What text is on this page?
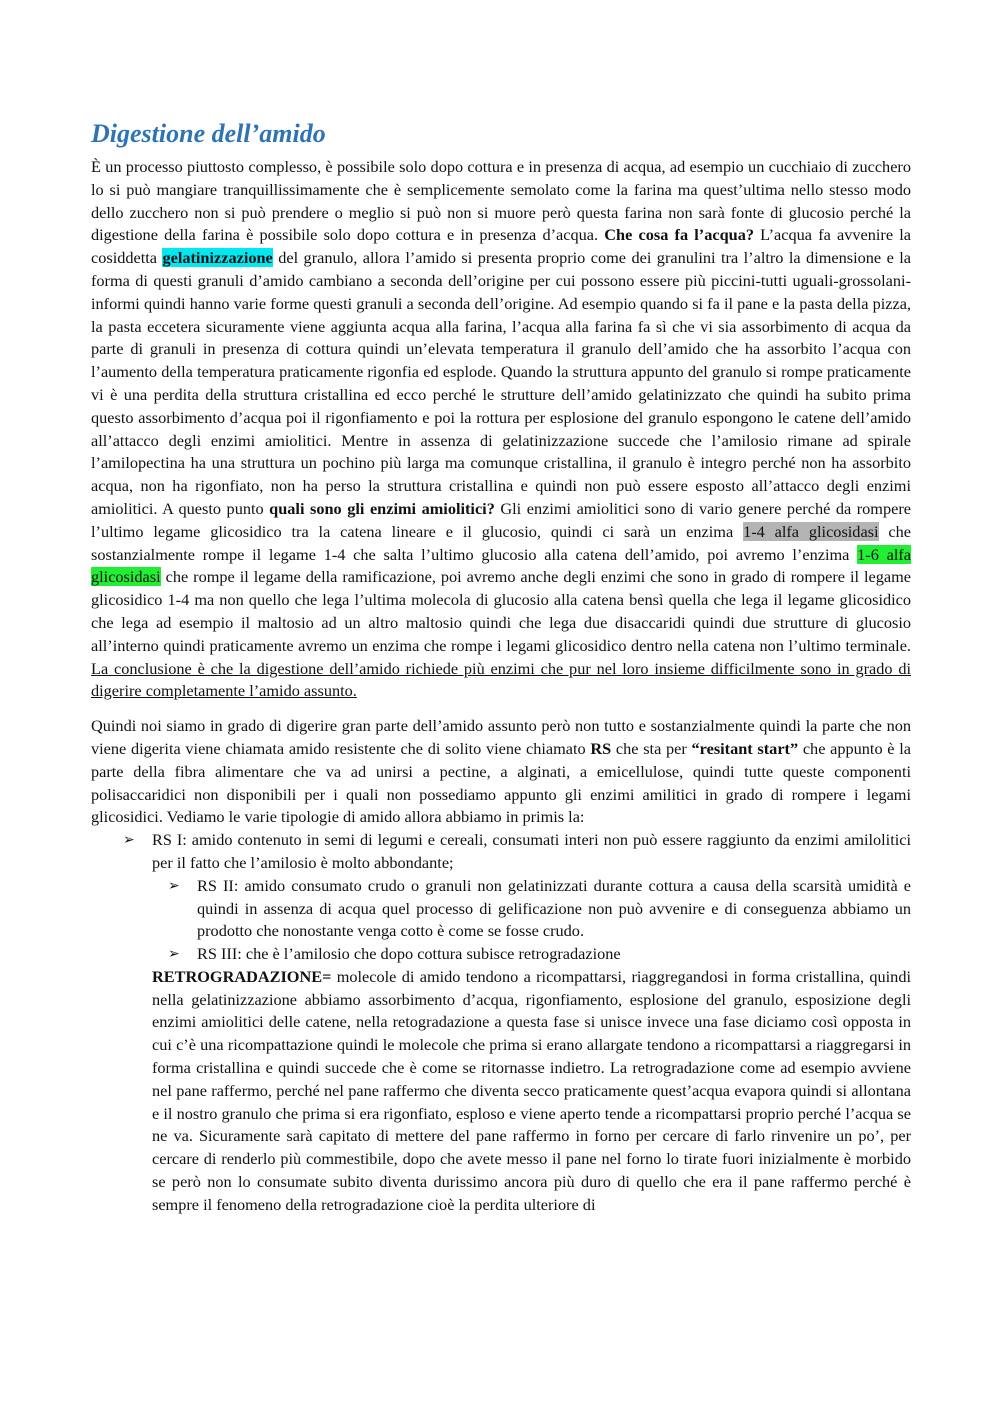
Digestione dell’amido

È un processo piuttosto complesso, è possibile solo dopo cottura e in presenza di acqua, ad esempio un cucchiaio di zucchero lo si può mangiare tranquillissimamente che è semplicemente semolato come la farina ma quest’ultima nello stesso modo dello zucchero non si può prendere o meglio si può non si muore però questa farina non sarà fonte di glucosio perché la digestione della farina è possibile solo dopo cottura e in presenza d’acqua. Che cosa fa l’acqua? L’acqua fa avvenire la cosiddetta gelatinizzazione del granulo, allora l’amido si presenta proprio come dei granulini tra l’altro la dimensione e la forma di questi granuli d’amido cambiano a seconda dell’origine per cui possono essere più piccini-tutti uguali-grossolani-informi quindi hanno varie forme questi granuli a seconda dell’origine. Ad esempio quando si fa il pane e la pasta della pizza, la pasta eccetera sicuramente viene aggiunta acqua alla farina, l’acqua alla farina fa sì che vi sia assorbimento di acqua da parte di granuli in presenza di cottura quindi un’elevata temperatura il granulo dell’amido che ha assorbito l’acqua con l’aumento della temperatura praticamente rigonfia ed esplode. Quando la struttura appunto del granulo si rompe praticamente vi è una perdita della struttura cristallina ed ecco perché le strutture dell’amido gelatinizzato che quindi ha subito prima questo assorbimento d’acqua poi il rigonfiamento e poi la rottura per esplosione del granulo espongono le catene dell’amido all’attacco degli enzimi amiolitici. Mentre in assenza di gelatinizzazione succede che l’amilosio rimane ad spirale l’amilopectina ha una struttura un pochino più larga ma comunque cristallina, il granulo è integro perché non ha assorbito acqua, non ha rigonfiato, non ha perso la struttura cristallina e quindi non può essere esposto all’attacco degli enzimi amiolitici. A questo punto quali sono gli enzimi amiolitici? Gli enzimi amiolitici sono di vario genere perché da rompere l’ultimo legame glicosidico tra la catena lineare e il glucosio, quindi ci sarà un enzima 1-4 alfa glicosidasi che sostanzialmente rompe il legame 1-4 che salta l’ultimo glucosio alla catena dell’amido, poi avremo l’enzima 1-6 alfa glicosidasi che rompe il legame della ramificazione, poi avremo anche degli enzimi che sono in grado di rompere il legame glicosidico 1-4 ma non quello che lega l’ultima molecola di glucosio alla catena bensì quella che lega il legame glicosidico che lega ad esempio il maltosio ad un altro maltosio quindi che lega due disaccaridi quindi due strutture di glucosio all’interno quindi praticamente avremo un enzima che rompe i legami glicosidico dentro nella catena non l’ultimo terminale. La conclusione è che la digestione dell’amido richiede più enzimi che pur nel loro insieme difficilmente sono in grado di digerire completamente l’amido assunto.

Quindi noi siamo in grado di digerire gran parte dell’amido assunto però non tutto e sostanzialmente quindi la parte che non viene digerita viene chiamata amido resistente che di solito viene chiamato RS che sta per “resitant start” che appunto è la parte della fibra alimentare che va ad unirsi a pectine, a alginati, a emicellulose, quindi tutte queste componenti polisaccaridici non disponibili per i quali non possediamo appunto gli enzimi amilitici in grado di rompere i legami glicosidici. Vediamo le varie tipologie di amido allora abbiamo in primis la:

➢ RS I: amido contenuto in semi di legumi e cereali, consumati interi non può essere raggiunto da enzimi amilolitici per il fatto che l’amilosio è molto abbondante;
➢ RS II: amido consumato crudo o granuli non gelatinizzati durante cottura a causa della scarsità umidità e quindi in assenza di acqua quel processo di gelificazione non può avvenire e di conseguenza abbiamo un prodotto che nonostante venga cotto è come se fosse crudo.
➢ RS III: che è l’amilosio che dopo cottura subisce retrogradazione

RETROGRADAZIONE= molecole di amido tendono a ricompattarsi, riaggregandosi in forma cristallina, quindi nella gelatinizzazione abbiamo assorbimento d’acqua, rigonfiamento, esplosione del granulo, esposizione degli enzimi amiolitici delle catene, nella retogradazione a questa fase si unisce invece una fase diciamo così opposta in cui c’è una ricompattazione quindi le molecole che prima si erano allargate tendono a ricompattarsi a riaggregarsi in forma cristallina e quindi succede che è come se ritornasse indietro. La retrogradazione come ad esempio avviene nel pane raffermo, perché nel pane raffermo che diventa secco praticamente quest’acqua evapora quindi si allontana e il nostro granulo che prima si era rigonfiato, esploso e viene aperto tende a ricompattarsi proprio perché l’acqua se ne va. Sicuramente sarà capitato di mettere del pane raffermo in forno per cercare di farlo rinvenire un po’, per cercare di renderlo più commestibile, dopo che avete messo il pane nel forno lo tirate fuori inizialmente è morbido se però non lo consumate subito diventa durissimo ancora più duro di quello che era il pane raffermo perché è sempre il fenomeno della retrogradazione cioè la perdita ulteriore di
